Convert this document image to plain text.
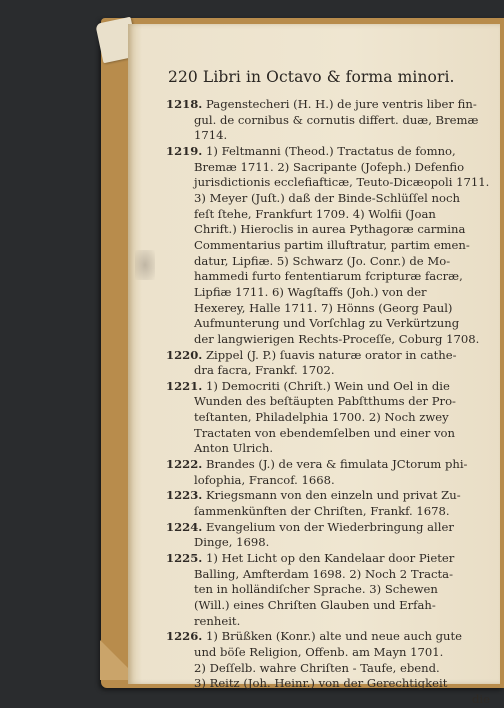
220 Libri in Octavo & forma minori.
1218. Pagenstecheri (H. H.) de jure ventris liber fin-
gul. de cornibus & cornutis differt. duæ, Bremæ
1714.
1219. 1) Feltmanni (Theod.) Tractatus de fomno,
Bremæ 1711. 2) Sacripante (Jofeph.) Defenfio
jurisdictionis ecclefiafticæ, Teuto-Dicæopoli 1711.
3) Meyer (Juſt.) daß der Binde-Schlüſſel noch
feſt ſtehe, Frankfurt 1709. 4) Wolfii (Joan
Chrift.) Hieroclis in aurea Pythagoræ carmina
Commentarius partim illuftratur, partim emen-
datur, Lipfiæ. 5) Schwarz (Jo. Conr.) de Mo-
hammedi furto fententiarum fcripturæ facræ,
Lipfiæ 1711. 6) Wagſtaffs (Joh.) von der
Hexerey, Halle 1711. 7) Hönns (Georg Paul)
Aufmunterung und Vorſchlag zu Verkürtzung
der langwierigen Rechts-Proceſſe, Coburg 1708.
1220. Zippel (J. P.) ſuavis naturæ orator in cathe-
dra facra, Frankf. 1702.
1221. 1) Democriti (Chriſt.) Wein und Oel in die
Wunden des beſtäupten Pabſtthums der Pro-
teſtanten, Philadelphia 1700. 2) Noch zwey
Tractaten von ebendemſelben und einer von
Anton Ulrich.
1222. Brandes (J.) de vera & fimulata JCtorum phi-
lofophia, Francof. 1668.
1223. Kriegsmann von den einzeln und privat Zu-
ſammenkünften der Chriſten, Frankf. 1678.
1224. Evangelium von der Wiederbringung aller
Dinge, 1698.
1225. 1) Het Licht op den Kandelaar door Pieter
Balling, Amfterdam 1698. 2) Noch 2 Tracta-
ten in holländiſcher Sprache. 3) Schewen
(Will.) eines Chriſten Glauben und Erfah-
renheit.
1226. 1) Brüßken (Konr.) alte und neue auch gute
und böſe Religion, Offenb. am Mayn 1701.
2) Deſſelb. wahre Chriſten - Taufe, ebend.
3) Reitz (Joh. Heinr.) von der Gerechtigkeit
die
